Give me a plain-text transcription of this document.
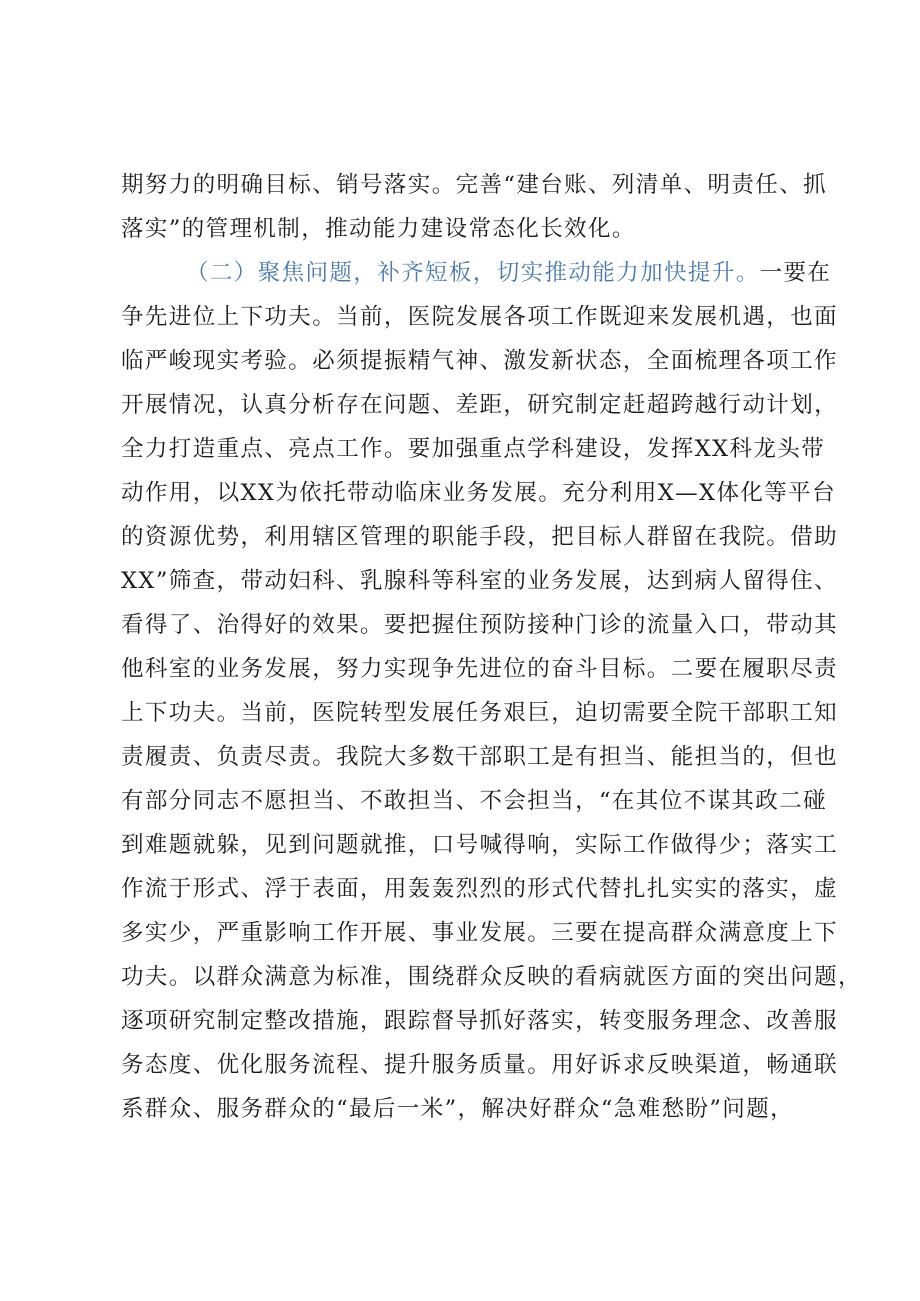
期努力的明确目标、销号落实。完善“建台账、列清单、明责任、抓
落实”的管理机制，推动能力建设常态化长效化。
（二）聚焦问题，补齐短板，切实推动能力加快提升。一要在
争先进位上下功夫。当前，医院发展各项工作既迎来发展机遇，也面
临严峻现实考验。必须提振精气神、激发新状态，全面梳理各项工作
开展情况，认真分析存在问题、差距，研究制定赶超跨越行动计划，
全力打造重点、亮点工作。要加强重点学科建设，发挥XX科龙头带
动作用，以XX为依托带动临床业务发展。充分利用X—X体化等平台
的资源优势，利用辖区管理的职能手段，把目标人群留在我院。借助
XX”筛查，带动妇科、乳腺科等科室的业务发展，达到病人留得住、
看得了、治得好的效果。要把握住预防接种门诊的流量入口，带动其
他科室的业务发展，努力实现争先进位的奋斗目标。二要在履职尽责
上下功夫。当前，医院转型发展任务艰巨，迫切需要全院干部职工知
责履责、负责尽责。我院大多数干部职工是有担当、能担当的，但也
有部分同志不愿担当、不敢担当、不会担当，“在其位不谋其政二碰
到难题就躲，见到问题就推，口号喊得响，实际工作做得少；落实工
作流于形式、浮于表面，用轰轰烈烈的形式代替扎扎实实的落实，虚
多实少，严重影响工作开展、事业发展。三要在提高群众满意度上下
功夫。以群众满意为标准，围绕群众反映的看病就医方面的突出问题，
逐项研究制定整改措施，跟踪督导抓好落实，转变服务理念、改善服
务态度、优化服务流程、提升服务质量。用好诉求反映渠道，畅通联
系群众、服务群众的“最后一米”，解决好群众“急难愁盼”问题，
